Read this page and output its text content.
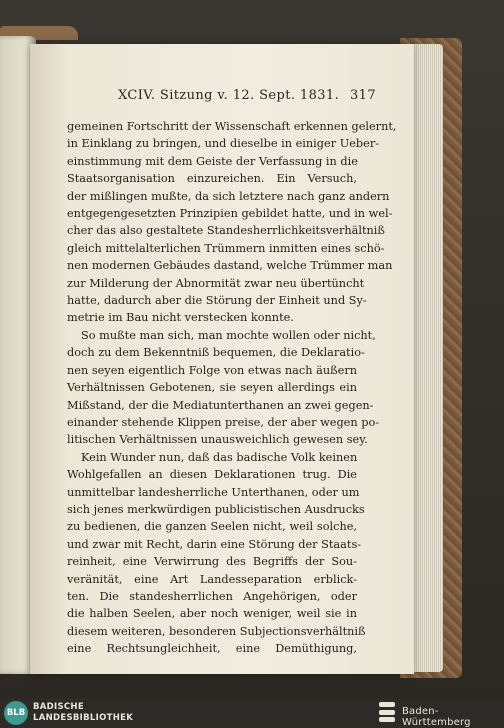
XCIV. Sitzung v. 12. Sept. 1831. 317
gemeinen Fortschritt der Wissenschaft erkennen gelernt,
in Einklang zu bringen, und dieselbe in einiger Ueber-
einstimmung mit dem Geiste der Verfassung in die
Staatsorganisation einzureichen. Ein Versuch,
der mißlingen mußte, da sich letztere nach ganz andern
entgegengesetzten Prinzipien gebildet hatte, und in wel-
cher das also gestaltete Standesherrlichkeitsverhältniß
gleich mittelalterlichen Trümmern inmitten eines schö-
nen modernen Gebäudes dastand, welche Trümmer man
zur Milderung der Abnormität zwar neu übertüncht
hatte, dadurch aber die Störung der Einheit und Sy-
metrie im Bau nicht verstecken konnte.
So mußte man sich, man mochte wollen oder nicht,
doch zu dem Bekenntniß bequemen, die Deklaratio-
nen seyen eigentlich Folge von etwas nach äußern
Verhältnissen Gebotenen, sie seyen allerdings ein
Mißstand, der die Mediatunterthanen an zwei gegen-
einander stehende Klippen preise, der aber wegen po-
litischen Verhältnissen unausweichlich gewesen sey.
Kein Wunder nun, daß das badische Volk keinen
Wohlgefallen an diesen Deklarationen trug. Die
unmittelbar landesherrliche Unterthanen, oder um
sich jenes merkwürdigen publicistischen Ausdrucks
zu bedienen, die ganzen Seelen nicht, weil solche,
und zwar mit Recht, darin eine Störung der Staats-
reinheit, eine Verwirrung des Begriffs der Sou-
veränität, eine Art Landesseparation erblick-
ten. Die standesherrlichen Angehörigen, oder
die halben Seelen, aber noch weniger, weil sie in
diesem weiteren, besonderen Subjectionsverhältniß
eine Rechtsungleichheit, eine Demüthigung,
BLB
BADISCHE
LANDESBIBLIOTHEK
Baden-Württemberg
